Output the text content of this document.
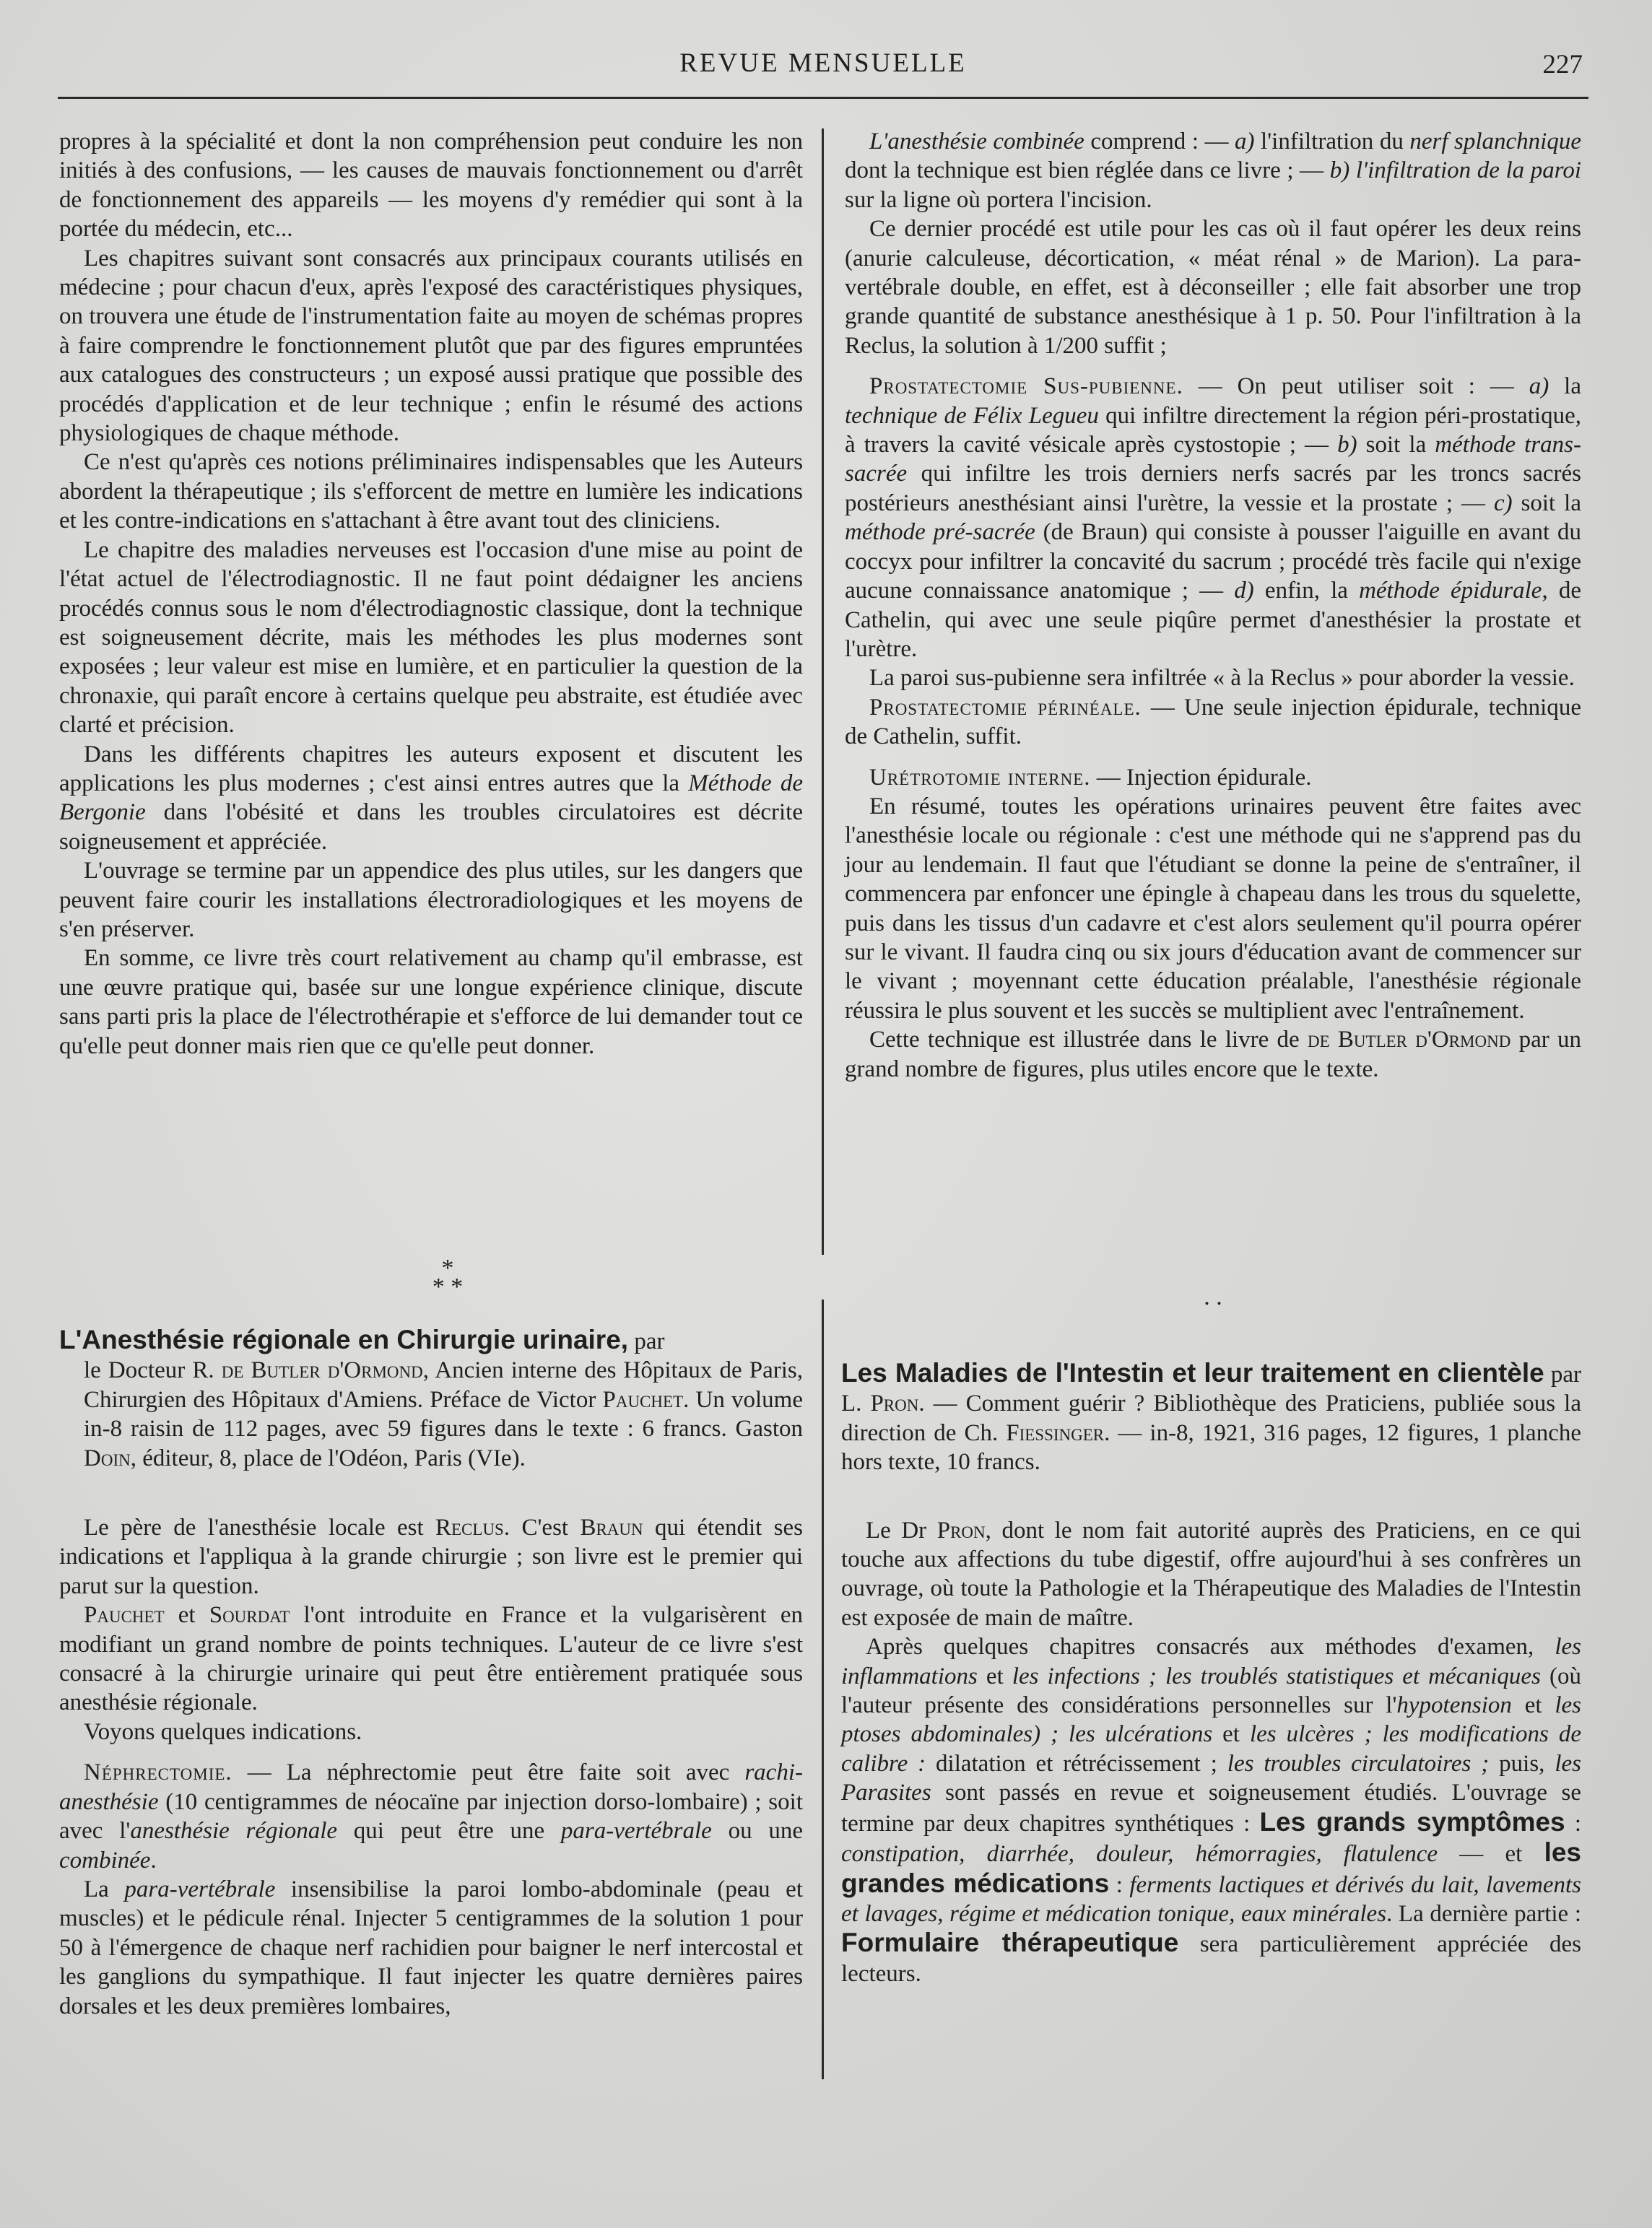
REVUE MENSUELLE	227

propres à la spécialité et dont la non compréhension peut conduire les non initiés à des confusions, — les causes de mauvais fonctionnement ou d'arrêt de fonctionnement des appareils — les moyens d'y remédier qui sont à la portée du médecin, etc...

Les chapitres suivant sont consacrés aux principaux courants utilisés en médecine ; pour chacun d'eux, après l'exposé des caractéristiques physiques, on trouvera une étude de l'instrumentation faite au moyen de schémas propres à faire comprendre le fonctionnement plutôt que par des figures empruntées aux catalogues des constructeurs ; un exposé aussi pratique que possible des procédés d'application et de leur technique ; enfin le résumé des actions physiologiques de chaque méthode.

Ce n'est qu'après ces notions préliminaires indispensables que les Auteurs abordent la thérapeutique ; ils s'efforcent de mettre en lumière les indications et les contre-indications en s'attachant à être avant tout des cliniciens.

Le chapitre des maladies nerveuses est l'occasion d'une mise au point de l'état actuel de l'électrodiagnostic. Il ne faut point dédaigner les anciens procédés connus sous le nom d'électrodiagnostic classique, dont la technique est soigneusement décrite, mais les méthodes les plus modernes sont exposées ; leur valeur est mise en lumière, et en particulier la question de la chronaxie, qui paraît encore à certains quelque peu abstraite, est étudiée avec clarté et précision.

Dans les différents chapitres les auteurs exposent et discutent les applications les plus modernes ; c'est ainsi entres autres que la Méthode de Bergonie dans l'obésité et dans les troubles circulatoires est décrite soigneusement et appréciée.

L'ouvrage se termine par un appendice des plus utiles, sur les dangers que peuvent faire courir les installations électroradiologiques et les moyens de s'en préserver.

En somme, ce livre très court relativement au champ qu'il embrasse, est une œuvre pratique qui, basée sur une longue expérience clinique, discute sans parti pris la place de l'électrothérapie et s'efforce de lui demander tout ce qu'elle peut donner mais rien que ce qu'elle peut donner.

*
* *	. .

L'anesthésie combinée comprend : — a) l'infiltration du nerf splanchnique dont la technique est bien réglée dans ce livre ; — b) l'infiltration de la paroi sur la ligne où portera l'incision.

Ce dernier procédé est utile pour les cas où il faut opérer les deux reins (anurie calculeuse, décortication, « méat rénal » de Marion). La para-vertébrale double, en effet, est à déconseiller ; elle fait absorber une trop grande quantité de substance anesthésique à 1 p. 50. Pour l'infiltration à la Reclus, la solution à 1/200 suffit ;

Prostatectomie Sus-pubienne. — On peut utiliser soit : — a) la technique de Félix Legueu qui infiltre directement la région péri-prostatique, à travers la cavité vésicale après cystostopie ; — b) soit la méthode trans-sacrée qui infiltre les trois derniers nerfs sacrés par les troncs sacrés postérieurs anesthésiant ainsi l'urètre, la vessie et la prostate ; — c) soit la méthode pré-sacrée (de Braun) qui consiste à pousser l'aiguille en avant du coccyx pour infiltrer la concavité du sacrum ; procédé très facile qui n'exige aucune connaissance anatomique ; — d) enfin, la méthode épidurale, de Cathelin, qui avec une seule piqûre permet d'anesthésier la prostate et l'urètre.

La paroi sus-pubienne sera infiltrée « à la Reclus » pour aborder la vessie.

Prostatectomie périnéale. — Une seule injection épidurale, technique de Cathelin, suffit.

Urétrotomie interne. — Injection épidurale.

En résumé, toutes les opérations urinaires peuvent être faites avec l'anesthésie locale ou régionale : c'est une méthode qui ne s'apprend pas du jour au lendemain. Il faut que l'étudiant se donne la peine de s'entraîner, il commencera par enfoncer une épingle à chapeau dans les trous du squelette, puis dans les tissus d'un cadavre et c'est alors seulement qu'il pourra opérer sur le vivant. Il faudra cinq ou six jours d'éducation avant de commencer sur le vivant ; moyennant cette éducation préalable, l'anesthésie régionale réussira le plus souvent et les succès se multiplient avec l'entraînement.

Cette technique est illustrée dans le livre de de Butler d'Ormond par un grand nombre de figures, plus utiles encore que le texte.

L'Anesthésie régionale en Chirurgie urinaire, par
le Docteur R. de Butler d'Ormond, Ancien interne des Hôpitaux de Paris, Chirurgien des Hôpitaux d'Amiens. Préface de Victor Pauchet. Un volume in-8 raisin de 112 pages, avec 59 figures dans le texte : 6 francs. Gaston Doin, éditeur, 8, place de l'Odéon, Paris (VIe).

Le père de l'anesthésie locale est Reclus. C'est Braun qui étendit ses indications et l'appliqua à la grande chirurgie ; son livre est le premier qui parut sur la question.

Pauchet et Sourdat l'ont introduite en France et la vulgarisèrent en modifiant un grand nombre de points techniques. L'auteur de ce livre s'est consacré à la chirurgie urinaire qui peut être entièrement pratiquée sous anesthésie régionale.

Voyons quelques indications.

Néphrectomie. — La néphrectomie peut être faite soit avec rachi-anesthésie (10 centigrammes de néocaïne par injection dorso-lombaire) ; soit avec l'anesthésie régionale qui peut être une para-vertébrale ou une combinée.

La para-vertébrale insensibilise la paroi lombo-abdominale (peau et muscles) et le pédicule rénal. Injecter 5 centigrammes de la solution 1 pour 50 à l'émergence de chaque nerf rachidien pour baigner le nerf intercostal et les ganglions du sympathique. Il faut injecter les quatre dernières paires dorsales et les deux premières lombaires,

Les Maladies de l'Intestin et leur traitement en clientèle par L. Pron. — Comment guérir ? Bibliothèque des Praticiens, publiée sous la direction de Ch. Fiessinger. — in-8, 1921, 316 pages, 12 figures, 1 planche hors texte, 10 francs.

Le Dr Pron, dont le nom fait autorité auprès des Praticiens, en ce qui touche aux affections du tube digestif, offre aujourd'hui à ses confrères un ouvrage, où toute la Pathologie et la Thérapeutique des Maladies de l'Intestin est exposée de main de maître.

Après quelques chapitres consacrés aux méthodes d'examen, les inflammations et les infections ; les troublés statistiques et mécaniques (où l'auteur présente des considérations personnelles sur l'hypotension et les ptoses abdominales) ; les ulcérations et les ulcères ; les modifications de calibre : dilatation et rétrécissement ; les troubles circulatoires ; puis, les Parasites sont passés en revue et soigneusement étudiés. L'ouvrage se termine par deux chapitres synthétiques : Les grands symptômes : constipation, diarrhée, douleur, hémorragies, flatulence — et les grandes médications : ferments lactiques et dérivés du lait, lavements et lavages, régime et médication tonique, eaux minérales. La dernière partie : Formulaire thérapeutique sera particulièrement appréciée des lecteurs.
